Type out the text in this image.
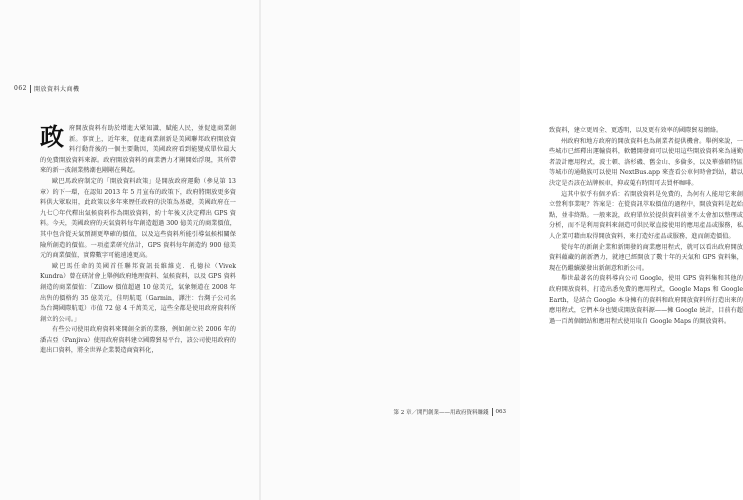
062 開放資料大商機

政府開放資料有助於增進大眾知識、賦能人民，並促進商業創新。事實上，近年來，促進商業創新是美國聯邦政府開放資料行動背後的一個主要動因，美國政府看到能變成單位最大的免費開放資料來源。政府開放資料的商業潛力才剛開始浮現，其所帶來的新一波創業熱潮也剛剛在興起。

歐巴馬政府制定的「開放資料政策」是開放政府運動（參見第 13 章）的下一環，在認知 2013 年 5 月宣布的政策下，政府將開放更多資料供大眾取用，此政策以多年來歷任政府的決策為基礎，美國政府在一九七〇年代釋出氣候資料作為開放資料，約十年後又決定釋出 GPS 資料。今天，美國政府的天氣資料每年創造超過 300 億美元的商業價值，其中包含從天氣預測更準確的價值，以及這些資料所能引導氣候相關保險所創造的價值。一項產業研究估計，GPS 資料每年創造約 900 億美元的商業價值，實際數字可能遠遠更高。

歐巴馬任命的美國首任聯邦資訊長維維克．孔德拉（Vivek Kundra）曾在研討會上舉例政府地理資料、氣候資料，以及 GPS 資料創造的商業價值：「Zillow 價值超過 10 億美元，氣象頻道在 2008 年出售的價格約 35 億美元，佳明航電（Garmin，譯注：台灣子公司名為台灣國際航電）市值 72 億 4 千萬美元，這些全都是使用政府資料所創立的公司。」

有些公司使用政府資料來開創全新的業務，例如創立於 2006 年的潘吉亞（Panjiva）使用政府資料建立國際貿易平台，該公司使用政府的進出口資料，將全世界企業製造商資料化，

致資料，建立更周全、更透明，以及更有效率的國際貿易網絡。

州政府和地方政府的開放資料也為創業者提供機會。舉例來說，一些城市已經釋出運輸資料，軟體開發商可以使用這些開放資料來為通勤者設計應用程式，波士頓、洛杉磯、舊金山、多倫多，以及華盛頓特區等城市的通勤族可以使用 NextBus.app 來查看公車何時會到站，藉以決定是否該在站牌候車，抑或蒐有時間可去買杯咖啡。

這其中似乎有個矛盾：若開放資料是免費的，為何有人能用它來創立營利事業呢？答案是：在從資訊萃取價值的過程中，開放資料是起始點，並非終點。一般來說，政府單位於提供資料前並不太會加以整理或分析，而不是利用資料來創造可供民眾直接使用的應用產品或服務，私人企業可藉由取得開放資料，來打造好產品或服務，進而創造價值。

從每年的新創企業和新開發的商業應用程式，就可以看出政府開放資料蘊藏的創新潛力，就連已經開放了數十年的天氣和 GPS 資料集，現在仍繼續激發出新創意和新公司。

舉世最著名的資料導向公司 Google，使用 GPS 資料集和其他的政府開放資料，打造出悉免費的應用程式，Google Maps 和 Google Earth，是結合 Google 本身擁有的資料和政府開放資料所打造出來的應用程式，它們本身也變成開放資料源——擁 Google 統計，目前有超過一百萬個網站和應用程式使用取自 Google Maps 的開放資料。

第 2 章／開門創業——用政府資料賺錢 063
